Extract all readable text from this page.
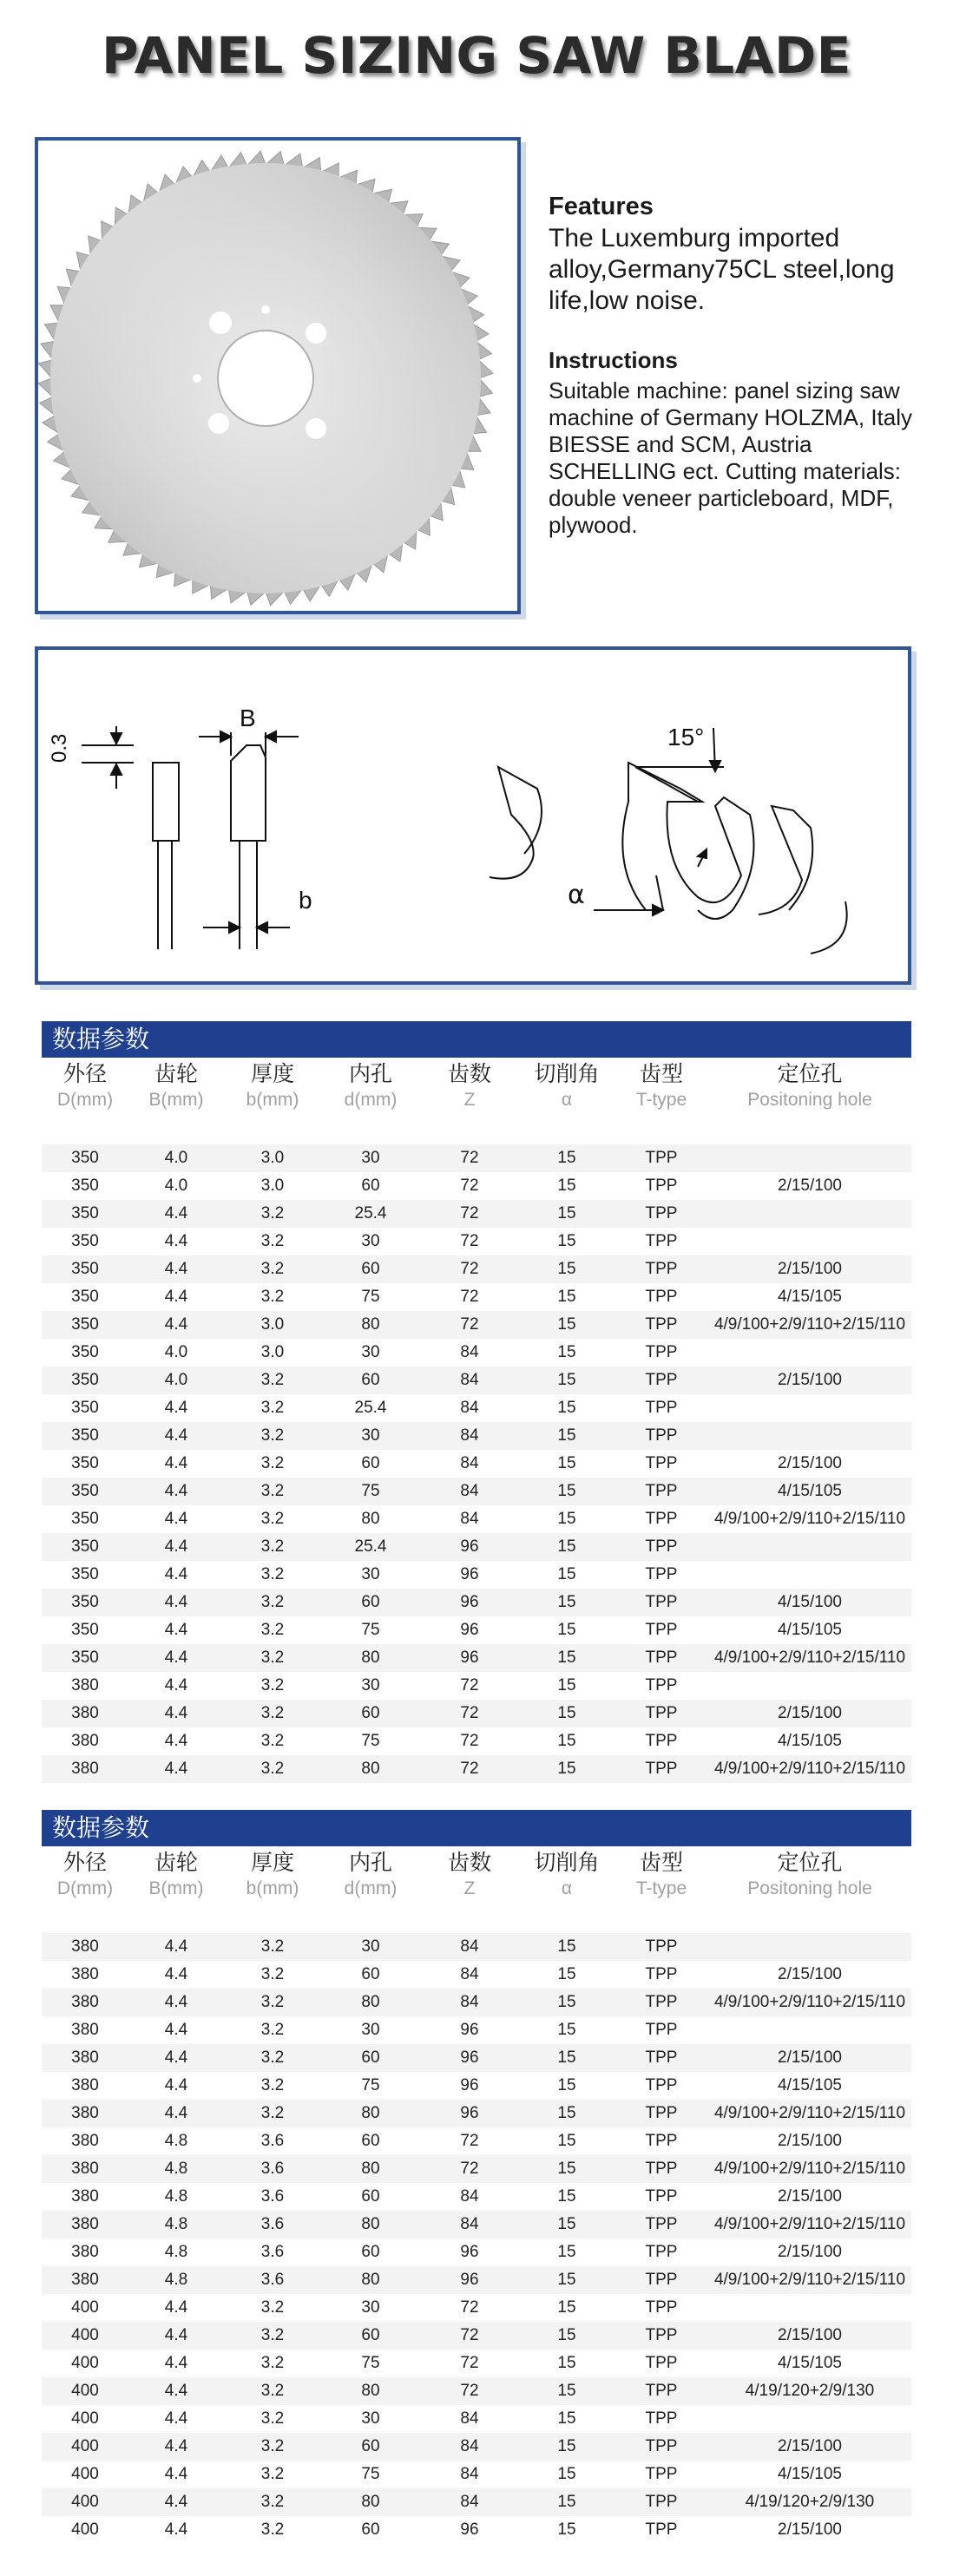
PANEL SIZING SAW BLADE
Features

The Luxemburg imported alloy,Germany75CL steel,long life,low noise.

Instructions

Suitable machine: panel sizing saw machine of Germany HOLZMA, Italy BIESSE and SCM, Austria SCHELLING ect. Cutting materials: double veneer particleboard, MDF, plywood.

0.3
B
b
15°
α
数据参数
外径	齿轮	厚度	内孔	齿数	切削角	齿型	定位孔
D(mm)	B(mm)	b(mm)	d(mm)	Z	α	T-type	Positoning hole
350	4.0	3.0	30	72	15	TPP
350	4.0	3.0	60	72	15	TPP	2/15/100
350	4.4	3.2	25.4	72	15	TPP
350	4.4	3.2	30	72	15	TPP
350	4.4	3.2	60	72	15	TPP	2/15/100
350	4.4	3.2	75	72	15	TPP	4/15/105
350	4.4	3.0	80	72	15	TPP	4/9/100+2/9/110+2/15/110
350	4.0	3.0	30	84	15	TPP
350	4.0	3.2	60	84	15	TPP	2/15/100
350	4.4	3.2	25.4	84	15	TPP
350	4.4	3.2	30	84	15	TPP
350	4.4	3.2	60	84	15	TPP	2/15/100
350	4.4	3.2	75	84	15	TPP	4/15/105
350	4.4	3.2	80	84	15	TPP	4/9/100+2/9/110+2/15/110
350	4.4	3.2	25.4	96	15	TPP
350	4.4	3.2	30	96	15	TPP
350	4.4	3.2	60	96	15	TPP	4/15/100
350	4.4	3.2	75	96	15	TPP	4/15/105
350	4.4	3.2	80	96	15	TPP	4/9/100+2/9/110+2/15/110
380	4.4	3.2	30	72	15	TPP
380	4.4	3.2	60	72	15	TPP	2/15/100
380	4.4	3.2	75	72	15	TPP	4/15/105
380	4.4	3.2	80	72	15	TPP	4/9/100+2/9/110+2/15/110
数据参数
外径	齿轮	厚度	内孔	齿数	切削角	齿型	定位孔
D(mm)	B(mm)	b(mm)	d(mm)	Z	α	T-type	Positoning hole
380	4.4	3.2	30	84	15	TPP
380	4.4	3.2	60	84	15	TPP	2/15/100
380	4.4	3.2	80	84	15	TPP	4/9/100+2/9/110+2/15/110
380	4.4	3.2	30	96	15	TPP
380	4.4	3.2	60	96	15	TPP	2/15/100
380	4.4	3.2	75	96	15	TPP	4/15/105
380	4.4	3.2	80	96	15	TPP	4/9/100+2/9/110+2/15/110
380	4.8	3.6	60	72	15	TPP	2/15/100
380	4.8	3.6	80	72	15	TPP	4/9/100+2/9/110+2/15/110
380	4.8	3.6	60	84	15	TPP	2/15/100
380	4.8	3.6	80	84	15	TPP	4/9/100+2/9/110+2/15/110
380	4.8	3.6	60	96	15	TPP	2/15/100
380	4.8	3.6	80	96	15	TPP	4/9/100+2/9/110+2/15/110
400	4.4	3.2	30	72	15	TPP
400	4.4	3.2	60	72	15	TPP	2/15/100
400	4.4	3.2	75	72	15	TPP	4/15/105
400	4.4	3.2	80	72	15	TPP	4/19/120+2/9/130
400	4.4	3.2	30	84	15	TPP
400	4.4	3.2	60	84	15	TPP	2/15/100
400	4.4	3.2	75	84	15	TPP	4/15/105
400	4.4	3.2	80	84	15	TPP	4/19/120+2/9/130
400	4.4	3.2	60	96	15	TPP	2/15/100
